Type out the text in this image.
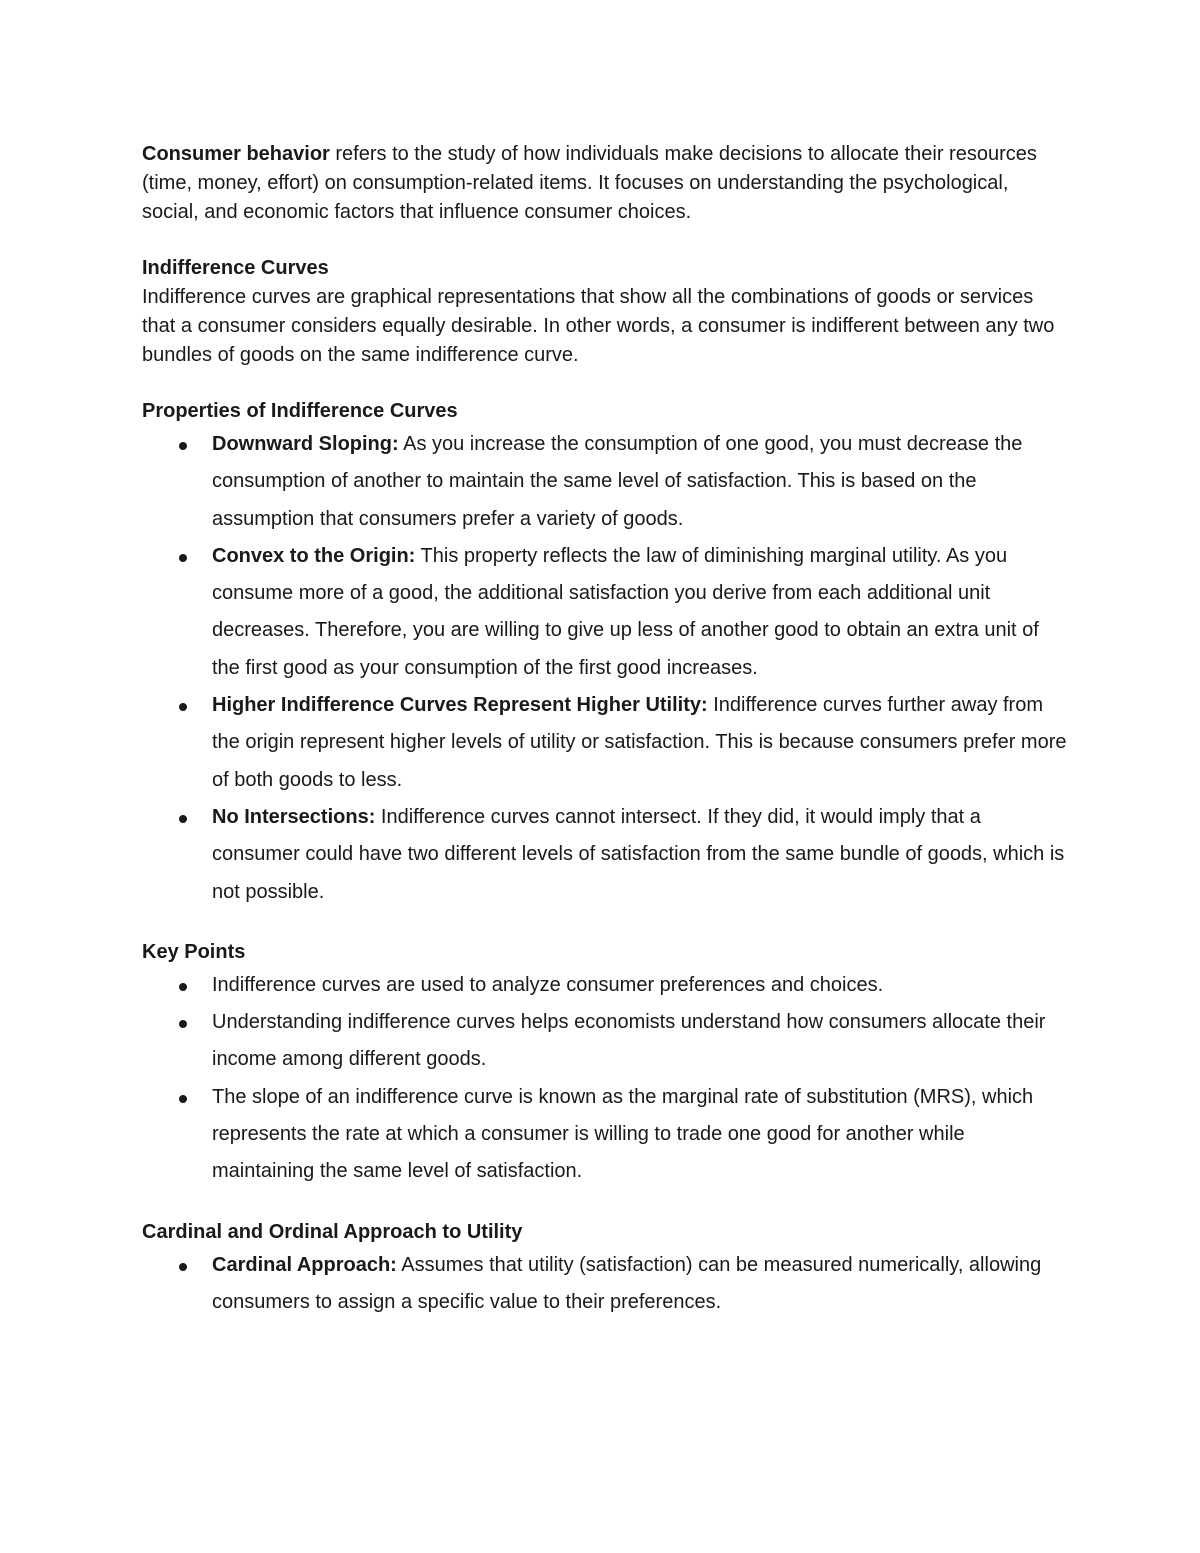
Consumer behavior refers to the study of how individuals make decisions to allocate their resources (time, money, effort) on consumption-related items. It focuses on understanding the psychological, social, and economic factors that influence consumer choices.

Indifference Curves

Indifference curves are graphical representations that show all the combinations of goods or services that a consumer considers equally desirable. In other words, a consumer is indifferent between any two bundles of goods on the same indifference curve.

Properties of Indifference Curves

Downward Sloping: As you increase the consumption of one good, you must decrease the consumption of another to maintain the same level of satisfaction. This is based on the assumption that consumers prefer a variety of goods.
Convex to the Origin: This property reflects the law of diminishing marginal utility. As you consume more of a good, the additional satisfaction you derive from each additional unit decreases. Therefore, you are willing to give up less of another good to obtain an extra unit of the first good as your consumption of the first good increases.
Higher Indifference Curves Represent Higher Utility: Indifference curves further away from the origin represent higher levels of utility or satisfaction. This is because consumers prefer more of both goods to less.
No Intersections: Indifference curves cannot intersect. If they did, it would imply that a consumer could have two different levels of satisfaction from the same bundle of goods, which is not possible.

Key Points

Indifference curves are used to analyze consumer preferences and choices.
Understanding indifference curves helps economists understand how consumers allocate their income among different goods.
The slope of an indifference curve is known as the marginal rate of substitution (MRS), which represents the rate at which a consumer is willing to trade one good for another while maintaining the same level of satisfaction.

Cardinal and Ordinal Approach to Utility

Cardinal Approach: Assumes that utility (satisfaction) can be measured numerically, allowing consumers to assign a specific value to their preferences.
